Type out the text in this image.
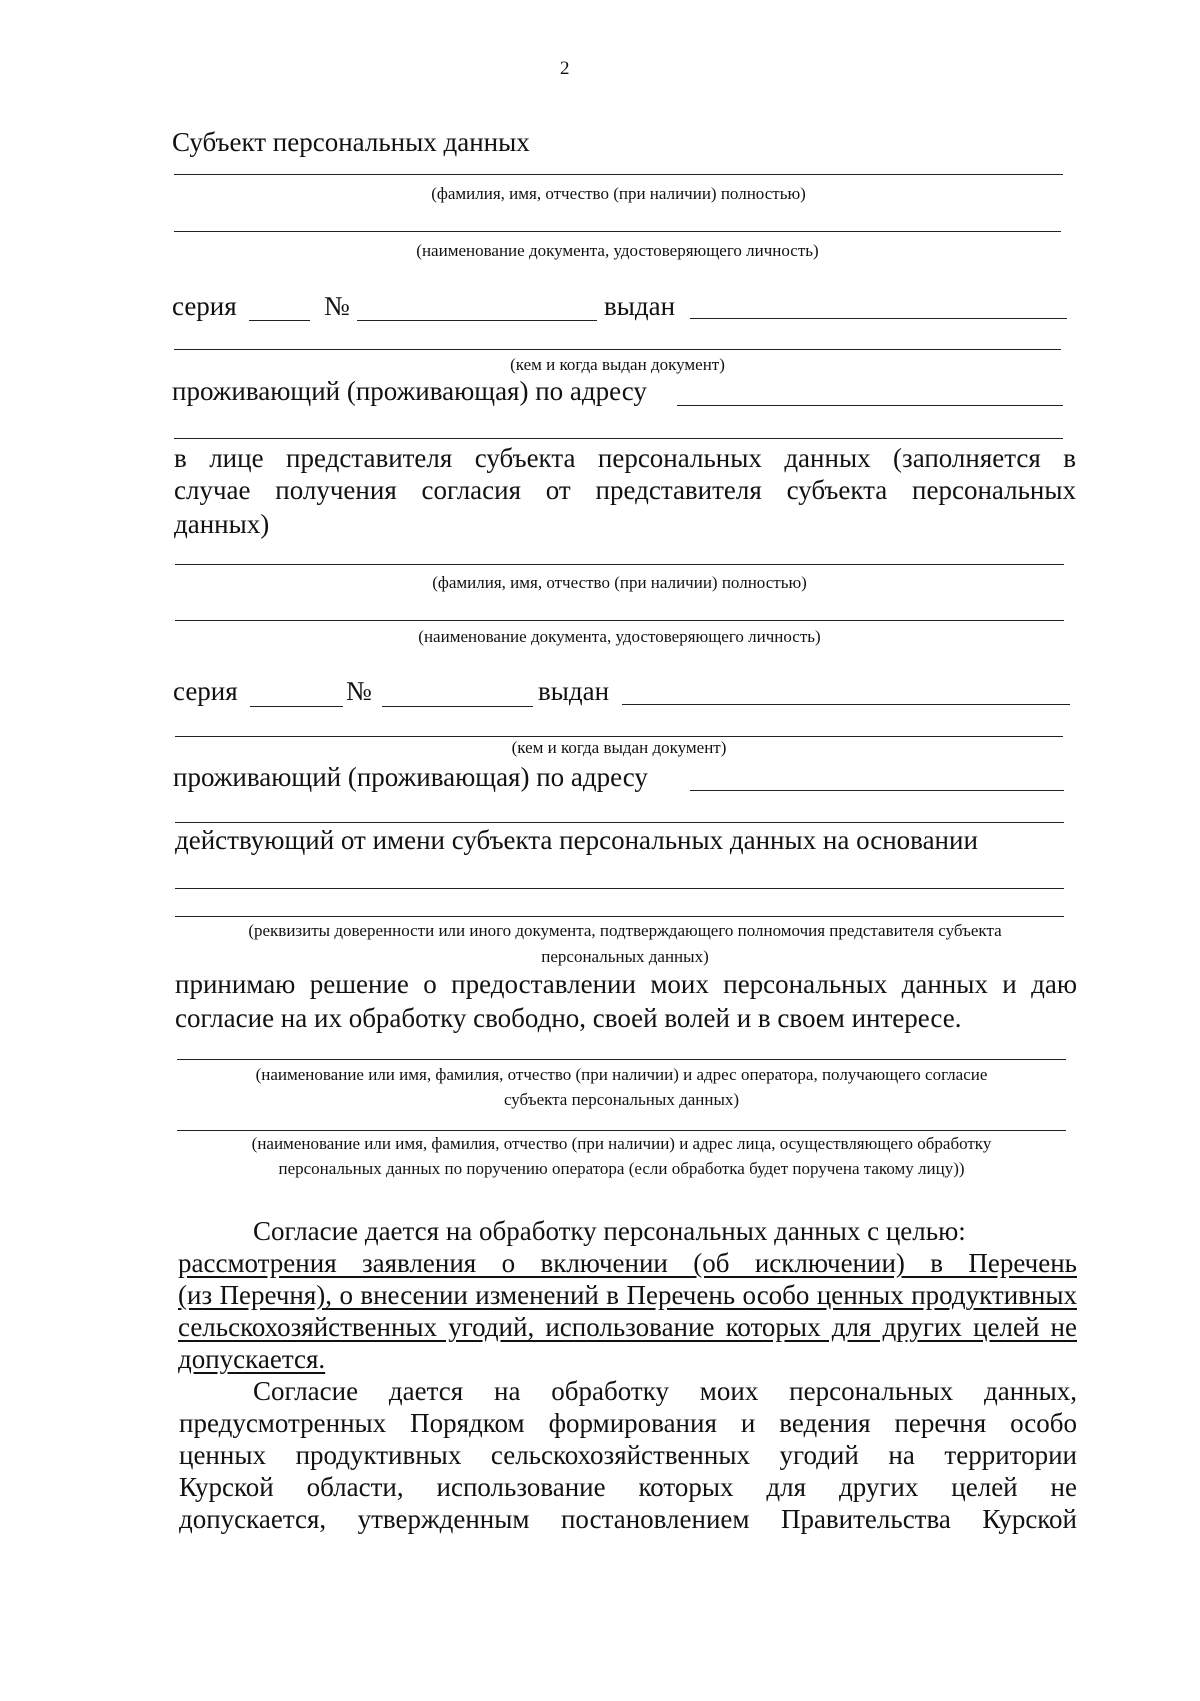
2
Субъект персональных данных
(фамилия, имя, отчество (при наличии) полностью)
(наименование документа, удостоверяющего личность)
серия	№	выдан
(кем и когда выдан документ)
проживающий (проживающая) по адресу
в лице представителя субъекта персональных данных (заполняется в
случае получения согласия от представителя субъекта персональных
данных)
(фамилия, имя, отчество (при наличии) полностью)
(наименование документа, удостоверяющего личность)
серия	№	выдан
(кем и когда выдан документ)
проживающий (проживающая) по адресу
действующий от имени субъекта персональных данных на основании
(реквизиты доверенности или иного документа, подтверждающего полномочия представителя субъекта
персональных данных)
принимаю решение о предоставлении моих персональных данных и даю
согласие на их обработку свободно, своей волей и в своем интересе.
(наименование или имя, фамилия, отчество (при наличии) и адрес оператора, получающего согласие
субъекта персональных данных)
(наименование или имя, фамилия, отчество (при наличии) и адрес лица, осуществляющего обработку
персональных данных по поручению оператора (если обработка будет поручена такому лицу))
Согласие дается на обработку персональных данных с целью:
рассмотрения заявления о включении (об исключении) в Перечень
(из Перечня), о внесении изменений в Перечень особо ценных продуктивных
сельскохозяйственных угодий, использование которых для других целей не
допускается.
Согласие дается на обработку моих персональных данных,
предусмотренных Порядком формирования и ведения перечня особо
ценных продуктивных сельскохозяйственных угодий на территории
Курской области, использование которых для других целей не
допускается, утвержденным постановлением Правительства Курской
